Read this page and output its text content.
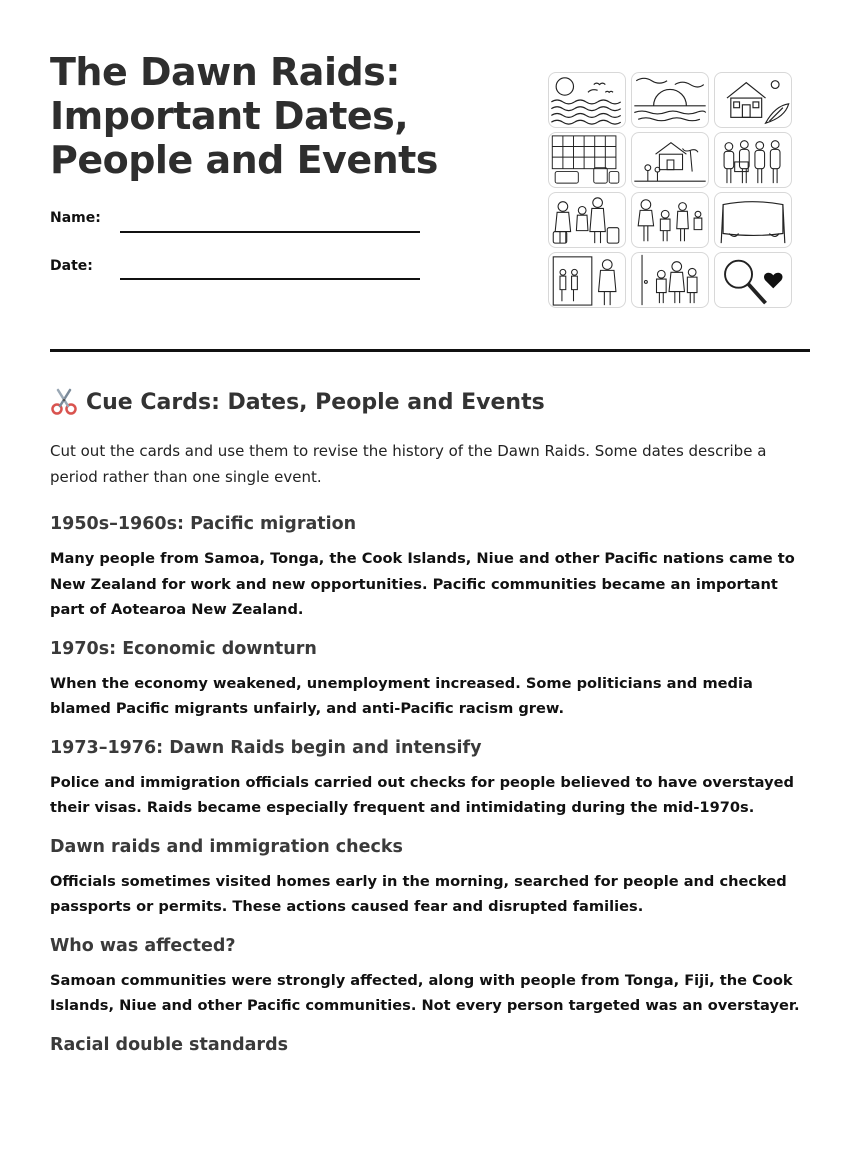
The Dawn Raids: Important Dates, People and Events
Name:
Date:
Cue Cards: Dates, People and Events

Cut out the cards and use them to revise the history of the Dawn Raids. Some dates describe a period rather than one single event.

1950s–1960s: Pacific migration

Many people from Samoa, Tonga, the Cook Islands, Niue and other Pacific nations came to New Zealand for work and new opportunities. Pacific communities became an important part of Aotearoa New Zealand.

1970s: Economic downturn

When the economy weakened, unemployment increased. Some politicians and media blamed Pacific migrants unfairly, and anti-Pacific racism grew.

1973–1976: Dawn Raids begin and intensify

Police and immigration officials carried out checks for people believed to have overstayed their visas. Raids became especially frequent and intimidating during the mid-1970s.

Dawn raids and immigration checks

Officials sometimes visited homes early in the morning, searched for people and checked passports or permits. These actions caused fear and disrupted families.

Who was affected?

Samoan communities were strongly affected, along with people from Tonga, Fiji, the Cook Islands, Niue and other Pacific communities. Not every person targeted was an overstayer.

Racial double standards
